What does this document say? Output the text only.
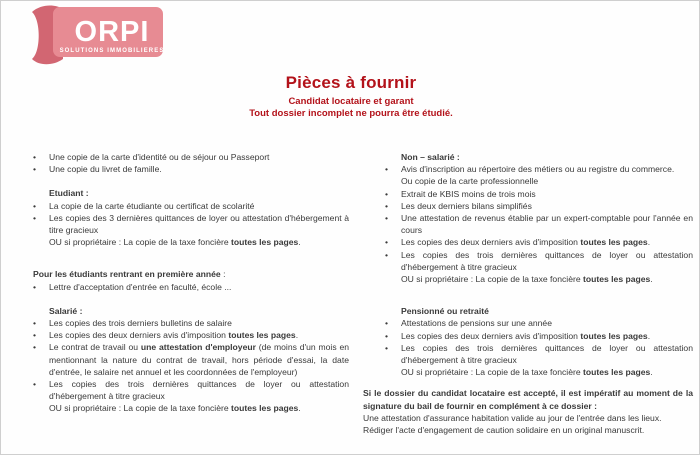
ORPI
SOLUTIONS IMMOBILIERES
Pièces à fournir
Candidat locataire et garant
Tout dossier incomplet ne pourra être étudié.
• Une copie de la carte d'identité ou de séjour ou Passeport
• Une copie du livret de famille.
Etudiant :
• La copie de la carte étudiante ou certificat de scolarité
• Les copies des 3 dernières quittances de loyer ou attestation d'hébergement à titre gracieux
OU si propriétaire : La copie de la taxe foncière toutes les pages.
Pour les étudiants rentrant en première année :
• Lettre d'acceptation d'entrée en faculté, école ...
Salarié :
• Les copies des trois derniers bulletins de salaire
• Les copies des deux derniers avis d'imposition toutes les pages.
• Le contrat de travail ou une attestation d'employeur (de moins d'un mois en mentionnant la nature du contrat de travail, hors période d'essai, la date d'entrée, le salaire net annuel et les coordonnées de l'employeur)
• Les copies des trois dernières quittances de loyer ou attestation d'hébergement à titre gracieux
OU si propriétaire : La copie de la taxe foncière toutes les pages.
Non – salarié :
• Avis d'inscription au répertoire des métiers ou au registre du commerce.
Ou copie de la carte professionnelle
• Extrait de KBIS moins de trois mois
• Les deux derniers bilans simplifiés
• Une attestation de revenus établie par un expert-comptable pour l'année en cours
• Les copies des deux derniers avis d'imposition toutes les pages.
• Les copies des trois dernières quittances de loyer ou attestation d'hébergement à titre gracieux
OU si propriétaire : La copie de la taxe foncière toutes les pages.
Pensionné ou retraité
• Attestations de pensions sur une année
• Les copies des deux derniers avis d'imposition toutes les pages.
• Les copies des trois dernières quittances de loyer ou attestation d'hébergement à titre gracieux
OU si propriétaire : La copie de la taxe foncière toutes les pages.
Si le dossier du candidat locataire est accepté, il est impératif au moment de la signature du bail de fournir en complément à ce dossier :
Une attestation d'assurance habitation valide au jour de l'entrée dans les lieux.
Rédiger l'acte d'engagement de caution solidaire en un original manuscrit.
